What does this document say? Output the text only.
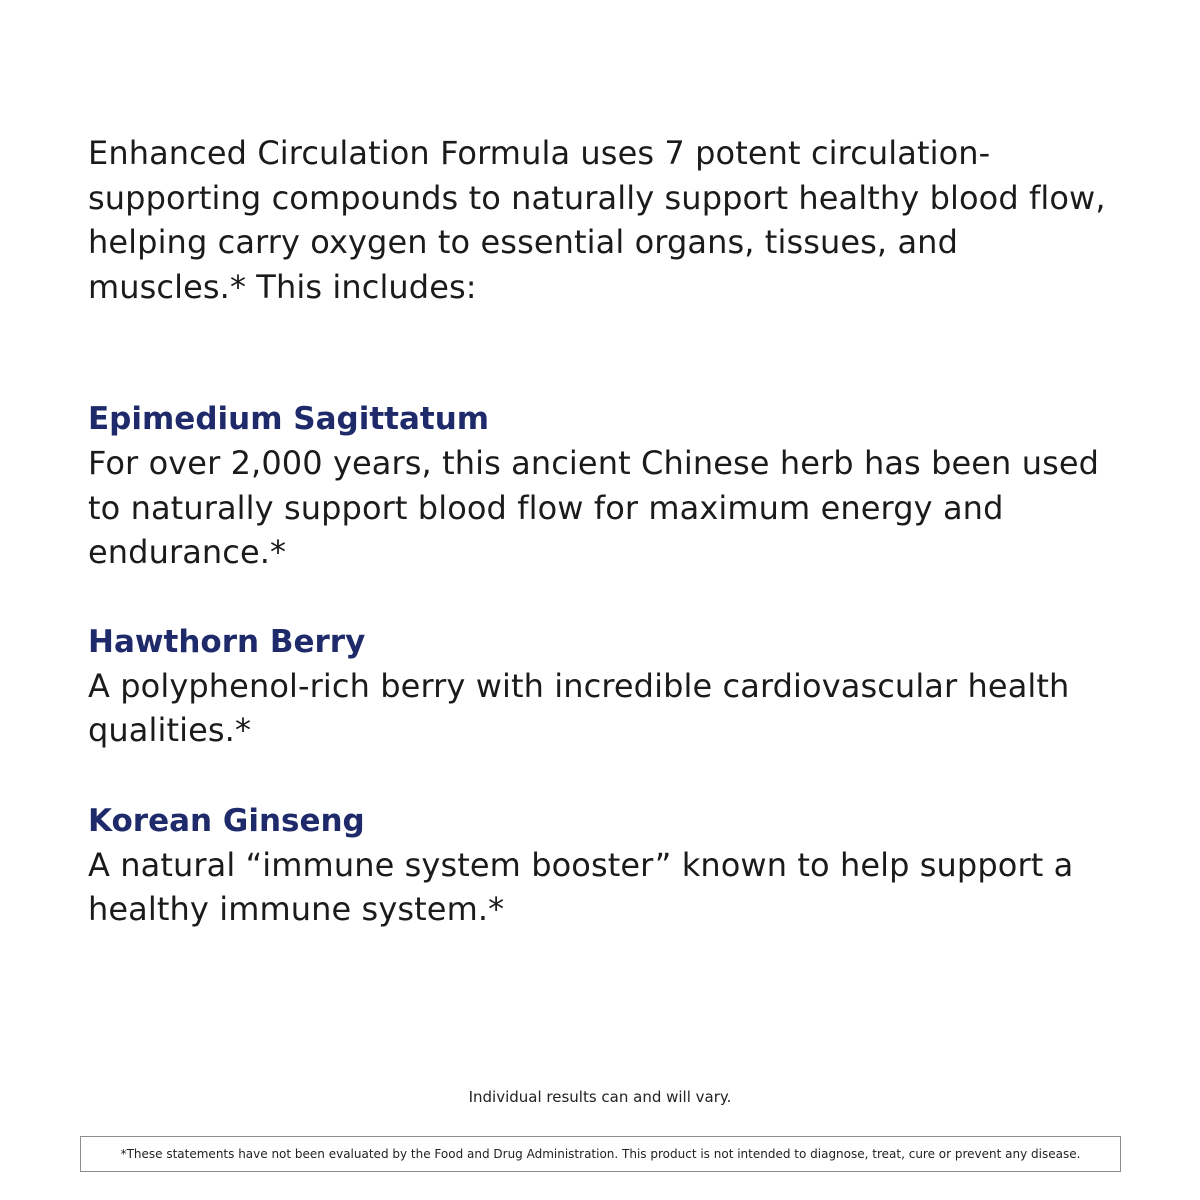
Enhanced Circulation Formula uses 7 potent circulation-supporting compounds to naturally support healthy blood flow, helping carry oxygen to essential organs, tissues, and muscles.* This includes:

Epimedium Sagittatum

For over 2,000 years, this ancient Chinese herb has been used to naturally support blood flow for maximum energy and endurance.*

Hawthorn Berry

A polyphenol-rich berry with incredible cardiovascular health qualities.*

Korean Ginseng

A natural “immune system booster” known to help support a healthy immune system.*

Individual results can and will vary.

*These statements have not been evaluated by the Food and Drug Administration. This product is not intended to diagnose, treat, cure or prevent any disease.
